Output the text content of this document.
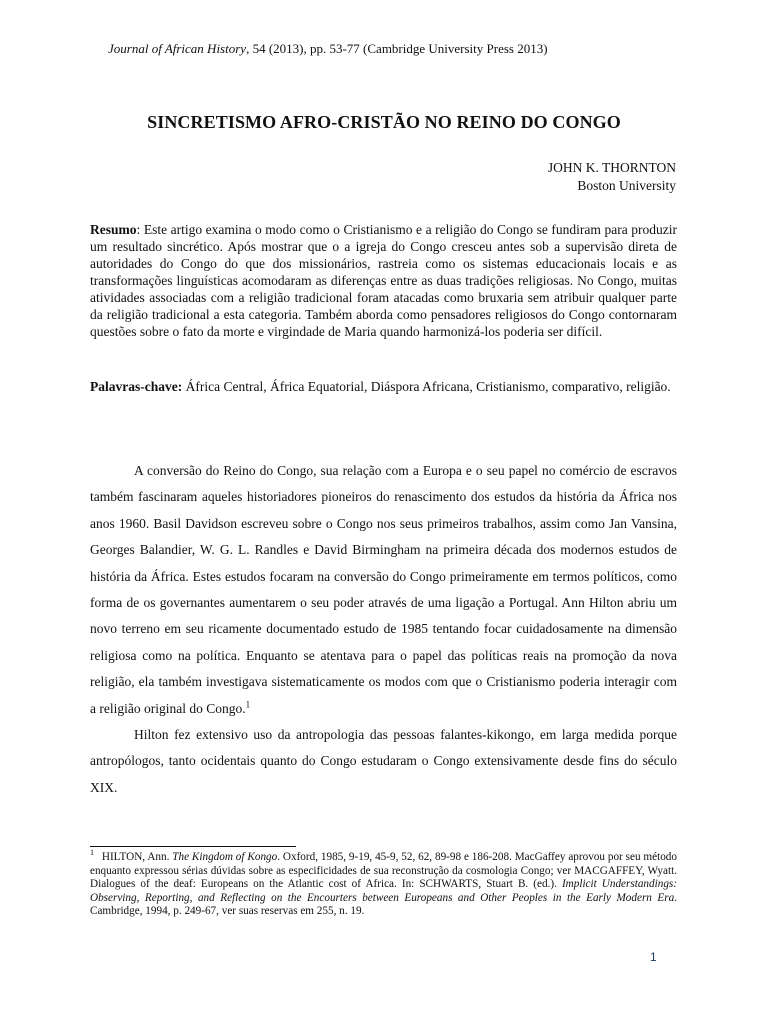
Journal of African History, 54 (2013), pp. 53-77 (Cambridge University Press 2013)
SINCRETISMO AFRO-CRISTÃO NO REINO DO CONGO
JOHN K. THORNTON
Boston University
Resumo: Este artigo examina o modo como o Cristianismo e a religião do Congo se fundiram para produzir um resultado sincrético. Após mostrar que o a igreja do Congo cresceu antes sob a supervisão direta de autoridades do Congo do que dos missionários, rastreia como os sistemas educacionais locais e as transformações linguísticas acomodaram as diferenças entre as duas tradições religiosas. No Congo, muitas atividades associadas com a religião tradicional foram atacadas como bruxaria sem atribuir qualquer parte da religião tradicional a esta categoria. Também aborda como pensadores religiosos do Congo contornaram questões sobre o fato da morte e virgindade de Maria quando harmonizá-los poderia ser difícil.
Palavras-chave: África Central, África Equatorial, Diáspora Africana, Cristianismo, comparativo, religião.

A conversão do Reino do Congo, sua relação com a Europa e o seu papel no comércio de escravos também fascinaram aqueles historiadores pioneiros do renascimento dos estudos da história da África nos anos 1960. Basil Davidson escreveu sobre o Congo nos seus primeiros trabalhos, assim como Jan Vansina, Georges Balandier, W. G. L. Randles e David Birmingham na primeira década dos modernos estudos de história da África. Estes estudos focaram na conversão do Congo primeiramente em termos políticos, como forma de os governantes aumentarem o seu poder através de uma ligação a Portugal. Ann Hilton abriu um novo terreno em seu ricamente documentado estudo de 1985 tentando focar cuidadosamente na dimensão religiosa como na política. Enquanto se atentava para o papel das políticas reais na promoção da nova religião, ela também investigava sistematicamente os modos com que o Cristianismo poderia interagir com a religião original do Congo.$^1$

Hilton fez extensivo uso da antropologia das pessoas falantes-kikongo, em larga medida porque antropólogos, tanto ocidentais quanto do Congo estudaram o Congo extensivamente desde fins do século XIX.

$^1$ HILTON, Ann. The Kingdom of Kongo. Oxford, 1985, 9-19, 45-9, 52, 62, 89-98 e 186-208. MacGaffey aprovou por seu método enquanto expressou sérias dúvidas sobre as especificidades de sua reconstrução da cosmologia Congo; ver MACGAFFEY, Wyatt. Dialogues of the deaf: Europeans on the Atlantic cost of Africa. In: SCHWARTS, Stuart B. (ed.). Implicit Understandings: Observing, Reporting, and Reflecting on the Encourters between Europeans and Other Peoples in the Early Modern Era. Cambridge, 1994, p. 249-67, ver suas reservas em 255, n. 19.
1
